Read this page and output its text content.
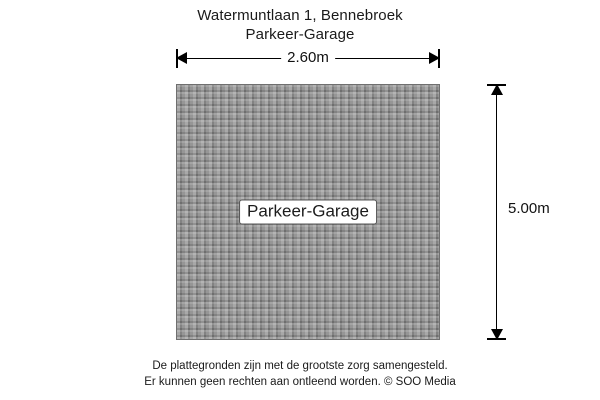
Watermuntlaan 1, Bennebroek
Parkeer-Garage
2.60m
Parkeer-Garage	5.00m
De plattegronden zijn met de grootste zorg samengesteld.
Er kunnen geen rechten aan ontleend worden. © SOO Media
